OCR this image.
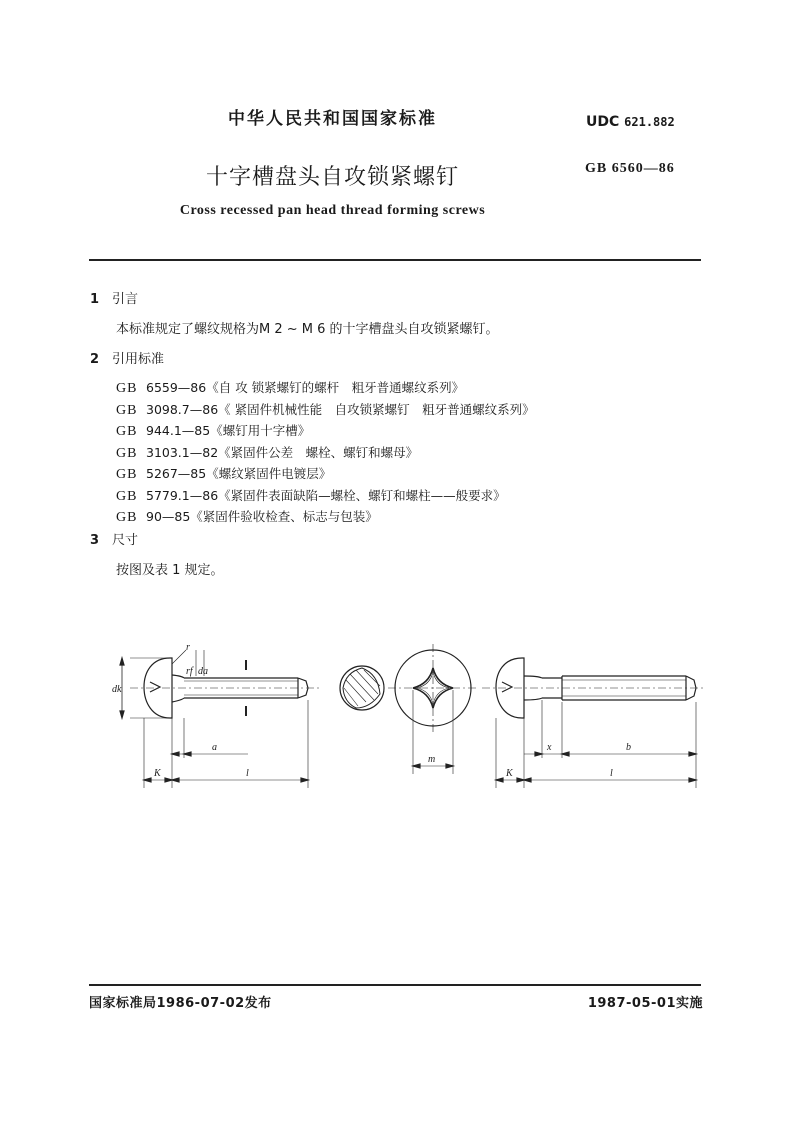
中华人民共和国国家标准	UDC 621.882
十字槽盘头自攻锁紧螺钉	GB 6560—86
Cross recessed pan head thread forming screws
1 引言
本标准规定了螺纹规格为M 2 ~ M 6 的十字槽盘头自攻锁紧螺钉。
2 引用标准
GB 6559—86《自 攻 锁紧螺钉的螺杆　粗牙普通螺纹系列》
GB 3098.7—86《 紧固件机械性能　自攻锁紧螺钉　粗牙普通螺纹系列》
GB 944.1—85《螺钉用十字槽》
GB 3103.1—82《紧固件公差　螺栓、螺钉和螺母》
GB 5267—85《螺纹紧固件电镀层》
GB 5779.1—86《紧固件表面缺陷—螺栓、螺钉和螺柱——般要求》
GB 90—85《紧固件验收检查、标志与包装》
3 尺寸
按图及表 1 规定。
dk
r
rf da
a
K	l
m
x	b
K	l
国家标准局1986-07-02发布	1987-05-01实施
